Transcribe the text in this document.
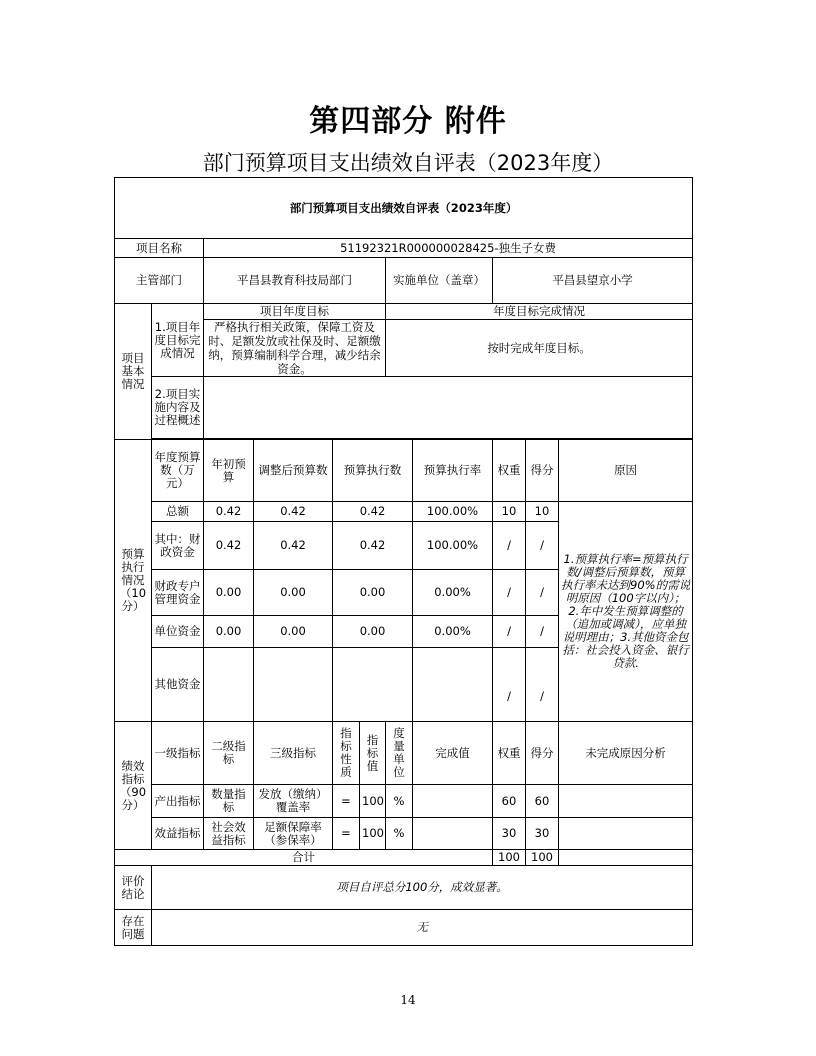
第四部分 附件
部门预算项目支出绩效自评表（2023年度）
部门预算项目支出绩效自评表（2023年度）										
项目名称		51192321R000000028425-独生子女费								
主管部门		平昌县教育科技局部门				实施单位（盖章）		平昌县望京小学		
项目基本情况	1.项目年度目标完成情况	项目年度目标				年度目标完成情况				
		严格执行相关政策，保障工资及时、足额发放或社保及时、足额缴纳，预算编制科学合理，减少结余资金。				按时完成年度目标。				
	2.项目实施内容及过程概述									

预算执行情况（10分）	年度预算数（万元）	年初预算	调整后预算数	预算执行数			预算执行率	权重	得分	原因
	总额	0.42	0.42	0.42			100.00%	10	10	1.预算执行率=预算执行数/调整后预算数，预算执行率未达到90%的需说明原因（100字以内）；2.年中发生预算调整的（追加或调减），应单独说明理由；3.其他资金包括：社会投入资金、银行贷款.
	其中：财政资金	0.42	0.42	0.42			100.00%	/	/	
	财政专户管理资金	0.00	0.00	0.00			0.00%	/	/	
	单位资金	0.00	0.00	0.00			0.00%	/	/	
	其他资金							/	/	
绩效指标（90分）	一级指标	二级指标	三级指标	指标性质	指标值	度量单位	完成值	权重	得分	未完成原因分析
	产出指标	数量指标	发放（缴纳）覆盖率	=	100	%		60	60	
	效益指标	社会效益指标	足额保障率（参保率）	=	100	%		30	30	
合计								100	100	
评价结论	项目自评总分100分，成效显著。									
存在问题	无									
14
